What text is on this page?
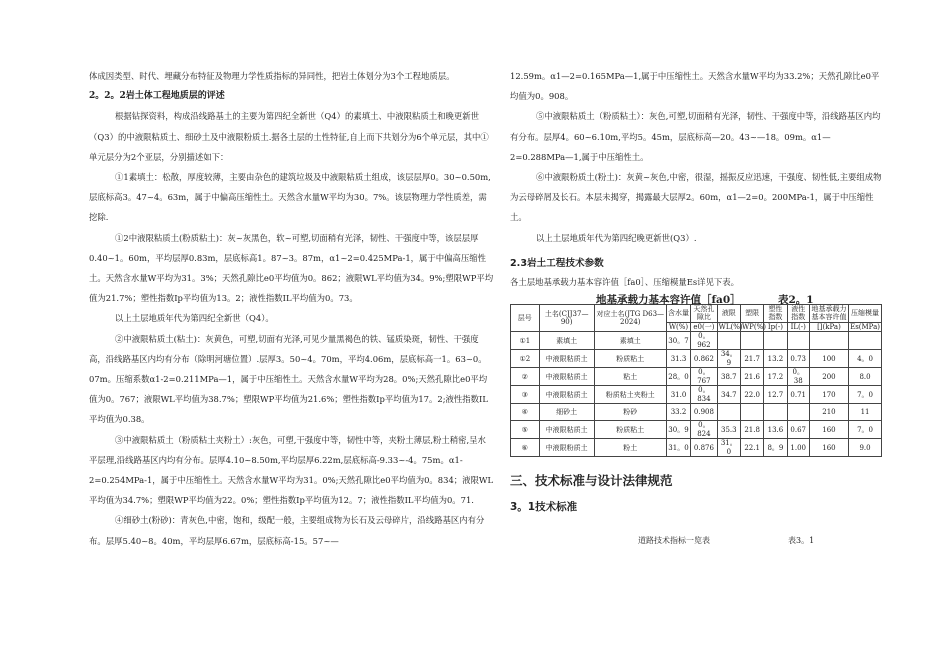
体成因类型、时代、埋藏分布特征及物理力学性质指标的异同性，把岩土体划分为3个工程地质层。

2。2。2岩土体工程地质层的评述

根据钻探资料，构成沿线路基土的主要为第四纪全新世（Q4）的素填土、中液限粘质土和晚更新世（Q3）的中液限粘质土、细砂土及中液限粉质土.据各土层的土性特征,自上而下共划分为6个单元层，其中①单元层分为2个亚层，分别描述如下：

①1素填土：松散，厚度较薄，主要由杂色的建筑垃圾及中液限粘质土组成，该层层厚0。30~0.50m,层底标高3。47~4。63m，属于中偏高压缩性土。天然含水量W平均为30。7%。该层物理力学性质差，需挖除.

①2中液限粘质土(粉质粘土)：灰~灰黑色，软~可塑,切面稍有光泽，韧性、干强度中等，该层层厚0.40~1。60m，平均层厚0.83m，层底标高1。87~3。87m，α1~2=0.425MPa-1，属于中偏高压缩性土。天然含水量W平均为31。3%；天然孔隙比e0平均值为0。862；液限WL平均值为34。9%;塑限WP平均值为21.7%；塑性指数Ip平均值为13。2；液性指数IL平均值为0。73。

以上土层地质年代为第四纪全新世（Q4）。

②中液限粘质土(粘土)：灰黄色，可塑,切面有光泽,可见少量黑褐色的铁、锰质染斑，韧性、干强度高，沿线路基区内均有分布（除明河塘位置）.层厚3。50~4。70m，平均4.06m，层底标高一1。63~0。07m。压缩系数α1-2=0.211MPa—1，属于中压缩性土。天然含水量W平均为28。0%;天然孔隙比e0平均值为0。767；液限WL平均值为38.7%；塑限WP平均值为21.6%；塑性指数Ip平均值为17。2;液性指数IL平均值为0.38。

③中液限粘质土（粉质粘土夹粉土）:灰色，可塑,干强度中等，韧性中等，夹粉土薄层,粉土稍密,呈水平层理,沿线路基区内均有分布。层厚4.10~8.50m,平均层厚6.22m,层底标高-9.33~-4。75m。α1-2=0.254MPa-1，属于中压缩性土。天然含水量W平均为31。0%;天然孔隙比e0平均值为0。834；液限WL平均值为34.7%；塑限WP平均值为22。0%；塑性指数Ip平均值为12。7；液性指数IL平均值为0。71.

④细砂土(粉砂)：青灰色,中密，饱和，级配一般，主要组成物为长石及云母碎片，沿线路基区内有分布。层厚5.40~8。40m，平均层厚6.67m，层底标高-15。57~—

12.59m。α1—2=0.165MPa—1,属于中压缩性土。天然含水量W平均为33.2%；天然孔隙比e0平均值为0。908。

⑤中液限粘质土（粉质粘土）：灰色,可塑,切面稍有光泽，韧性、干强度中等，沿线路基区内均有分布。层厚4。60~6.10m,平均5。45m，层底标高—20。43~—18。09m。α1—2=0.288MPa—1,属于中压缩性土。

⑥中液限粉质土(粉土)：灰黄~灰色,中密，很湿，摇振反应迅速，干强度、韧性低,主要组成物为云母碎屑及长石。本层未揭穿，揭露最大层厚2。60m，α1—2=0。200MPa-1，属于中压缩性土。

以上土层地质年代为第四纪晚更新世(Q3）.

2.3岩土工程技术参数

各土层地基承载力基本容许值［fa0］、压缩模量Es详见下表。

地基承载力基本容许值［fa0］	表2。1
层号	土名(CJJ37—90)	对应土名(JTG D63—2024)	含水量	天然孔隙比	液限	塑限	塑性指数	液性指数	地基承载力基本容许值	压缩模量
			W(%)	e0(一)	WL(%)	WP(%)	Ip(-)	IL(-)	[](kPa)	Es(MPa)
①1	素填土	素填土	30。7	0。962						
①2	中液限粘质土	粉质粘土	31.3	0.862	34。9	21.7	13.2	0.73	100	4。0
②	中液限粘质土	粘土	28。0	0。767	38.7	21.6	17.2	0。38	200	8.0
③	中液限粘质土	粉质粘土夹粉土	31.0	0。834	34.7	22.0	12.7	0.71	170	7。0
④	细砂土	粉砂	33.2	0.908					210	11
⑤	中液限粘质土	粉质粘土	30。9	0。824	35.3	21.8	13.6	0.67	160	7。0
⑥	中液限粉质土	粉土	31。0	0.876	31。0	22.1	8。9	1.00	160	9.0

三、技术标准与设计法律规范

3。1技术标准

道路技术指标一览表	表3。1
